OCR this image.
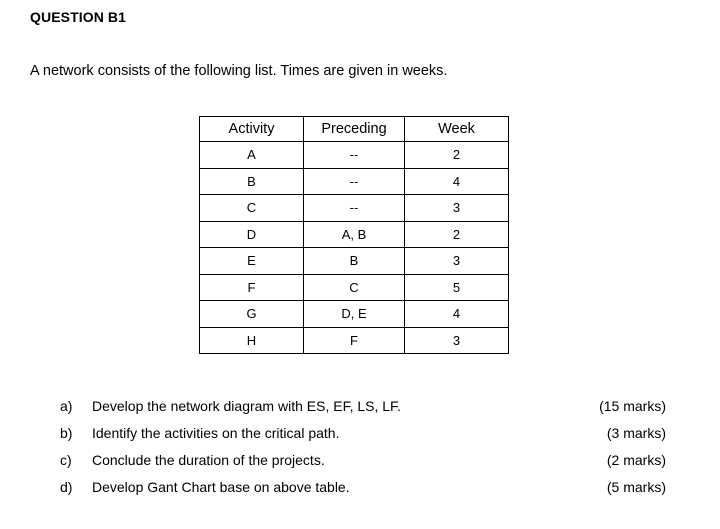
QUESTION B1
A network consists of the following list. Times are given in weeks.
Activity	Preceding	Week
A	--	2
B	--	4
C	--	3
D	A, B	2
E	B	3
F	C	5
G	D, E	4
H	F	3
a)	Develop the network diagram with ES, EF, LS, LF.	(15 marks)
b)	Identify the activities on the critical path.	(3 marks)
c)	Conclude the duration of the projects.	(2 marks)
d)	Develop Gant Chart base on above table.	(5 marks)
